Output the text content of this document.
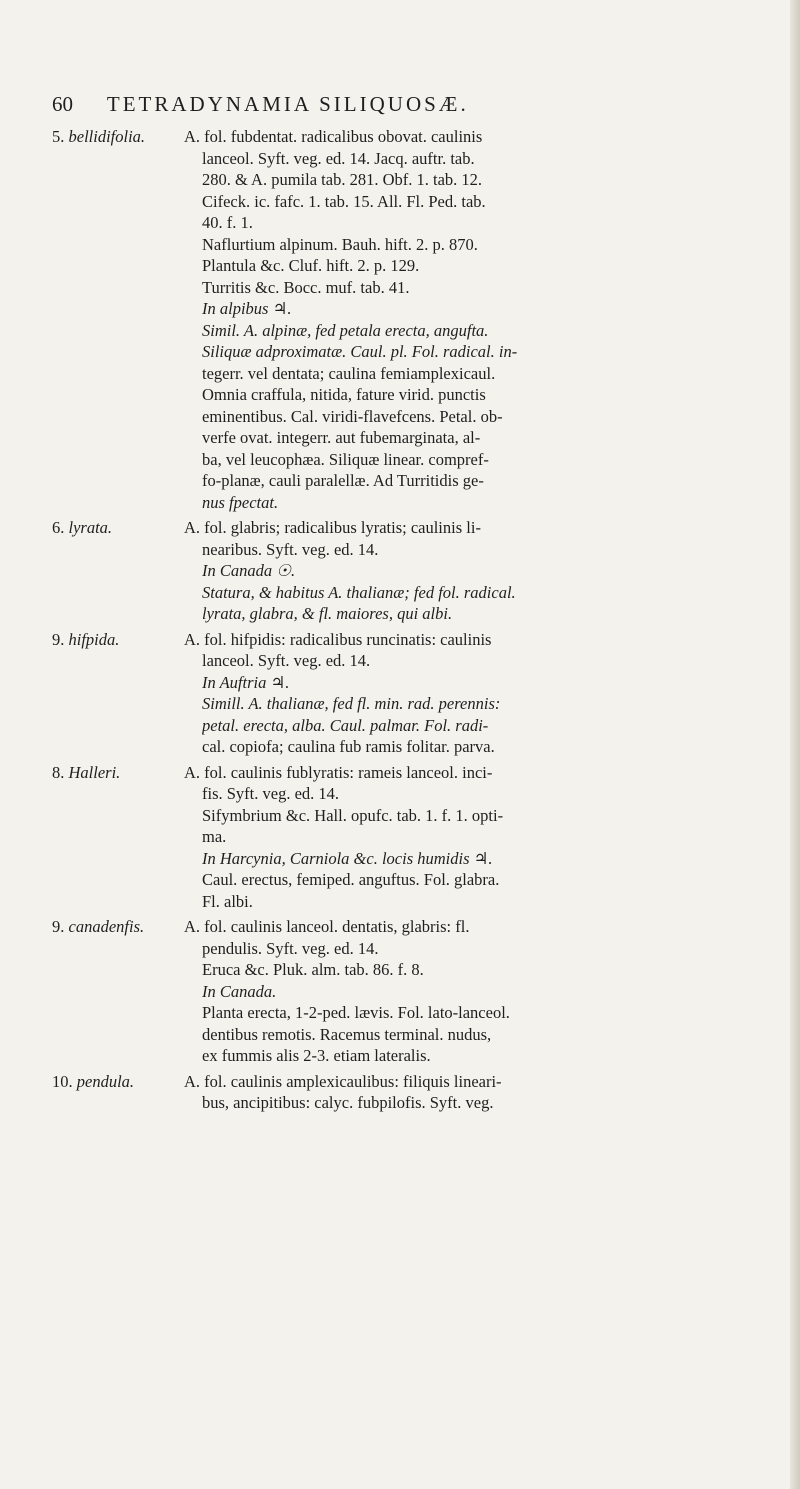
60 TETRADYNAMIA SILIQUOSÆ.
5. bellidifolia.	A. fol. fubdentat. radicalibus obovat. caulinis
lanceol. Syft. veg. ed. 14. Jacq. auftr. tab.
280. & A. pumila tab. 281. Obf. 1. tab. 12.
Cifeck. ic. fafc. 1. tab. 15. All. Fl. Ped. tab.
40. f. 1.
Naflurtium alpinum. Bauh. hift. 2. p. 870.
Plantula &c. Cluf. hift. 2. p. 129.
Turritis &c. Bocc. muf. tab. 41.
In alpibus ♃.
Simil. A. alpinæ, fed petala erecta, angufta.
Siliquæ adproximatæ. Caul. pl. Fol. radical. in-
tegerr. vel dentata; caulina femiamplexicaul.
Omnia craffula, nitida, fature virid. punctis
eminentibus. Cal. viridi-flavefcens. Petal. ob-
verfe ovat. integerr. aut fubemarginata, al-
ba, vel leucophæa. Siliquæ linear. compref-
fo-planæ, cauli paralellæ. Ad Turritidis ge-
nus fpectat.
6. lyrata.	A. fol. glabris; radicalibus lyratis; caulinis li-
nearibus. Syft. veg. ed. 14.
In Canada ☉.
Statura, & habitus A. thalianæ; fed fol. radical.
lyrata, glabra, & fl. maiores, qui albi.
9. hifpida.	A. fol. hifpidis: radicalibus runcinatis: caulinis
lanceol. Syft. veg. ed. 14.
In Auftria ♃.
Simill. A. thalianæ, fed fl. min. rad. perennis:
petal. erecta, alba. Caul. palmar. Fol. radi-
cal. copiofa; caulina fub ramis folitar. parva.
8. Halleri.	A. fol. caulinis fublyratis: rameis lanceol. inci-
fis. Syft. veg. ed. 14.
Sifymbrium &c. Hall. opufc. tab. 1. f. 1. opti-
ma.
In Harcynia, Carniola &c. locis humidis ♃.
Caul. erectus, femiped. anguftus. Fol. glabra.
Fl. albi.
9. canadenfis.	A. fol. caulinis lanceol. dentatis, glabris: fl.
pendulis. Syft. veg. ed. 14.
Eruca &c. Pluk. alm. tab. 86. f. 8.
In Canada.
Planta erecta, 1-2-ped. lævis. Fol. lato-lanceol.
dentibus remotis. Racemus terminal. nudus,
ex fummis alis 2-3. etiam lateralis.
10. pendula.	A. fol. caulinis amplexicaulibus: filiquis lineari-
bus, ancipitibus: calyc. fubpilofis. Syft. veg.
